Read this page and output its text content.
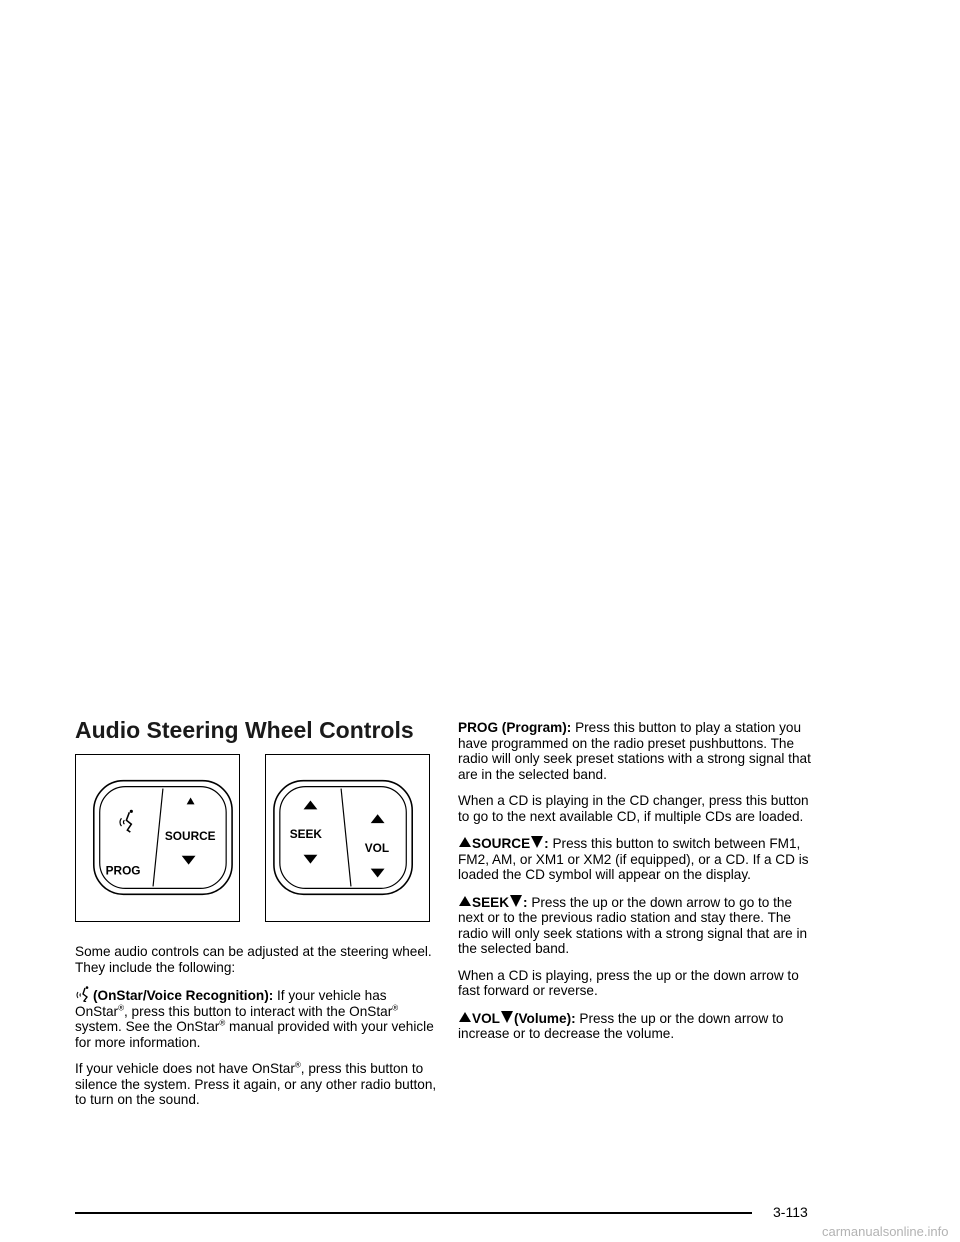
Audio Steering Wheel Controls
SOURCE
PROG
SEEK
VOL

Some audio controls can be adjusted at the steering wheel. They include the following:

(OnStar/Voice Recognition): If your vehicle has OnStar®, press this button to interact with the OnStar® system. See the OnStar® manual provided with your vehicle for more information.

If your vehicle does not have OnStar®, press this button to silence the system. Press it again, or any other radio button, to turn on the sound.

PROG (Program): Press this button to play a station you have programmed on the radio preset pushbuttons. The radio will only seek preset stations with a strong signal that are in the selected band.

When a CD is playing in the CD changer, press this button to go to the next available CD, if multiple CDs are loaded.

SOURCE : Press this button to switch between FM1, FM2, AM, or XM1 or XM2 (if equipped), or a CD. If a CD is loaded the CD symbol will appear on the display.

SEEK : Press the up or the down arrow to go to the next or to the previous radio station and stay there. The radio will only seek stations with a strong signal that are in the selected band.

When a CD is playing, press the up or the down arrow to fast forward or reverse.

VOL (Volume): Press the up or the down arrow to increase or to decrease the volume.

3-113
carmanualsonline.info
